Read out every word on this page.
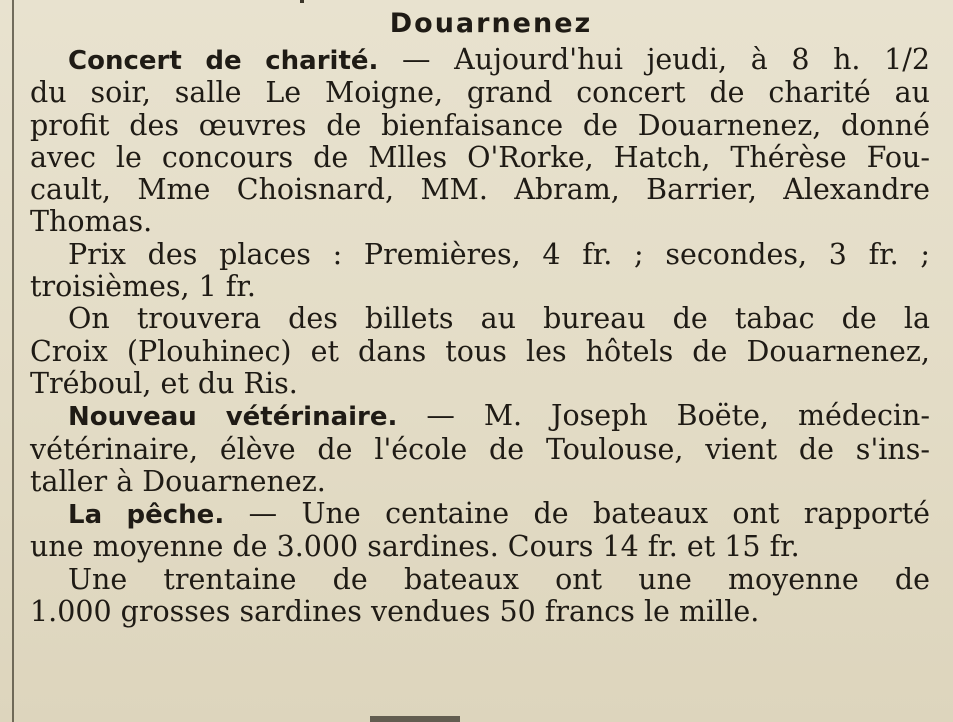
Douarnenez

Concert de charité. — Aujourd'hui jeudi, à 8 h. 1/2
du soir, salle Le Moigne, grand concert de charité au
profit des œuvres de bienfaisance de Douarnenez, donné
avec le concours de Mlles O'Rorke, Hatch, Thérèse Fou-
cault, Mme Choisnard, MM. Abram, Barrier, Alexandre
Thomas.

Prix des places : Premières, 4 fr. ; secondes, 3 fr. ;
troisièmes, 1 fr.

On trouvera des billets au bureau de tabac de la
Croix (Plouhinec) et dans tous les hôtels de Douarnenez,
Tréboul, et du Ris.

Nouveau vétérinaire. — M. Joseph Boëte, médecin-
vétérinaire, élève de l'école de Toulouse, vient de s'ins-
taller à Douarnenez.

La pêche. — Une centaine de bateaux ont rapporté
une moyenne de 3.000 sardines. Cours 14 fr. et 15 fr.

Une trentaine de bateaux ont une moyenne de
1.000 grosses sardines vendues 50 francs le mille.
